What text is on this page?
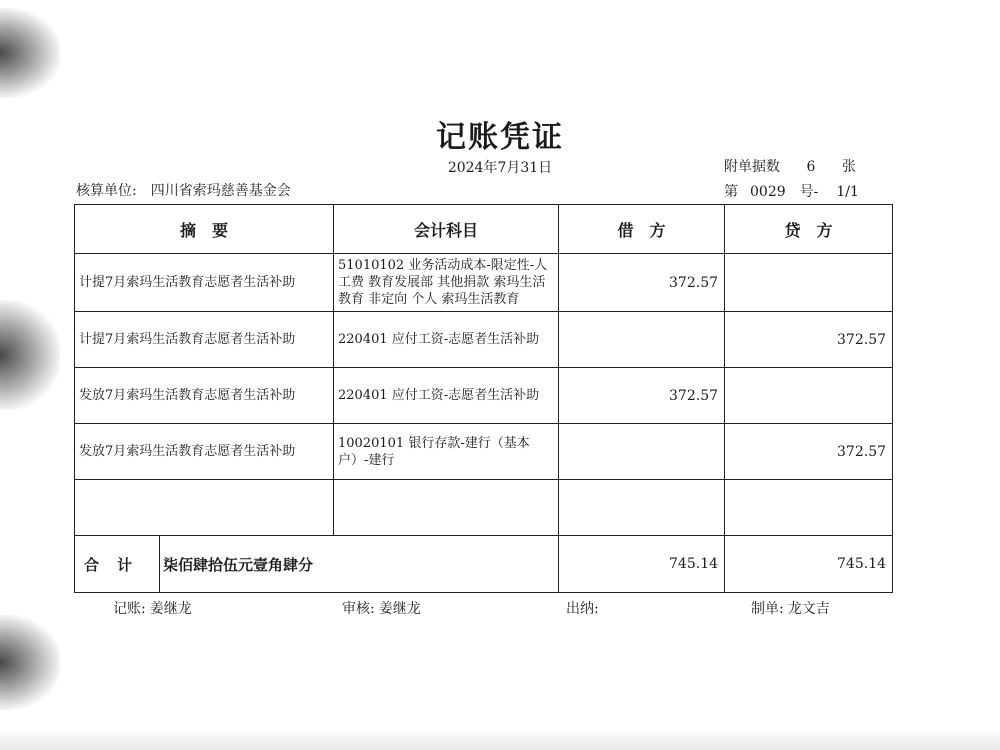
记账凭证
2024年7月31日	附单据数 6 张
核算单位: 四川省索玛慈善基金会	第 0029 号- 1/1
摘　要		会计科目	借　方	贷　方
计提7月索玛生活教育志愿者生活补助		51010102 业务活动成本-限定性-人工费 教育发展部 其他捐款 索玛生活教育 非定向 个人 索玛生活教育	372.57	
计提7月索玛生活教育志愿者生活补助		220401 应付工资-志愿者生活补助		372.57
发放7月索玛生活教育志愿者生活补助		220401 应付工资-志愿者生活补助	372.57	
发放7月索玛生活教育志愿者生活补助		10020101 银行存款-建行（基本户）-建行		372.57

合计	柒佰肆拾伍元壹角肆分		745.14	745.14
记账: 姜继龙	审核: 姜继龙	出纳:	制单: 龙文吉
